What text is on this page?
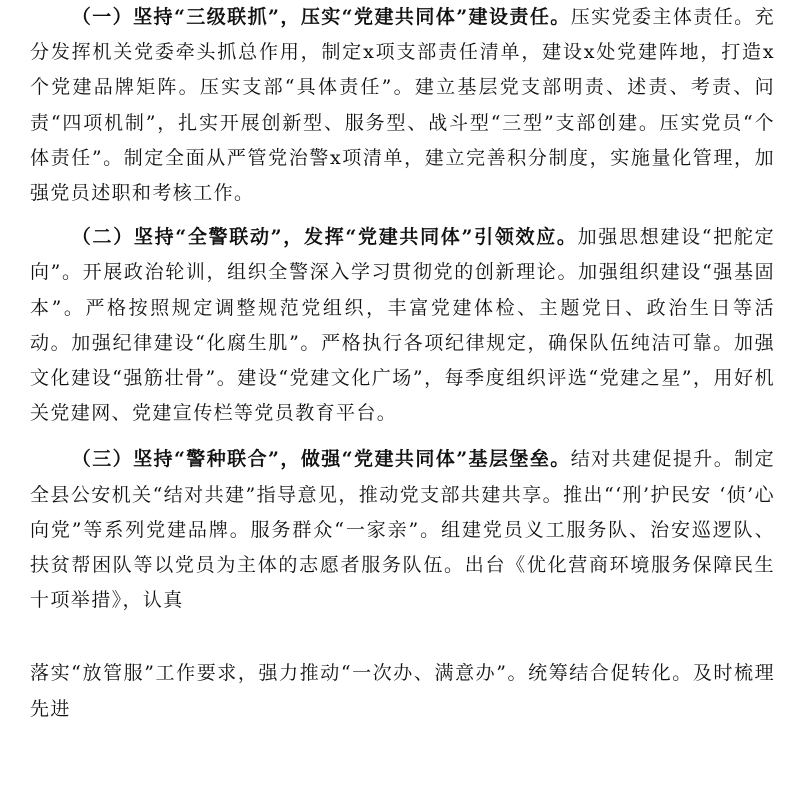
（一）坚持“三级联抓”，压实“党建共同体”建设责任。压实党委主体责任。充分发挥机关党委牵头抓总作用，制定x项支部责任清单，建设x处党建阵地，打造x个党建品牌矩阵。压实支部“具体责任”。建立基层党支部明责、述责、考责、问责“四项机制”，扎实开展创新型、服务型、战斗型“三型”支部创建。压实党员“个体责任”。制定全面从严管党治警x项清单，建立完善积分制度，实施量化管理，加强党员述职和考核工作。

（二）坚持“全警联动”，发挥“党建共同体”引领效应。加强思想建设“把舵定向”。开展政治轮训，组织全警深入学习贯彻党的创新理论。加强组织建设“强基固本”。严格按照规定调整规范党组织，丰富党建体检、主题党日、政治生日等活动。加强纪律建设“化腐生肌”。严格执行各项纪律规定，确保队伍纯洁可靠。加强文化建设“强筋壮骨”。建设“党建文化广场”，每季度组织评选“党建之星”，用好机关党建网、党建宣传栏等党员教育平台。

（三）坚持“警种联合”，做强“党建共同体”基层堡垒。结对共建促提升。制定全县公安机关“结对共建”指导意见，推动党支部共建共享。推出“‘刑’护民安 ‘侦’心向党”等系列党建品牌。服务群众“一家亲”。组建党员义工服务队、治安巡逻队、扶贫帮困队等以党员为主体的志愿者服务队伍。出台《优化营商环境服务保障民生十项举措》，认真

落实“放管服”工作要求，强力推动“一次办、满意办”。统筹结合促转化。及时梳理先进
